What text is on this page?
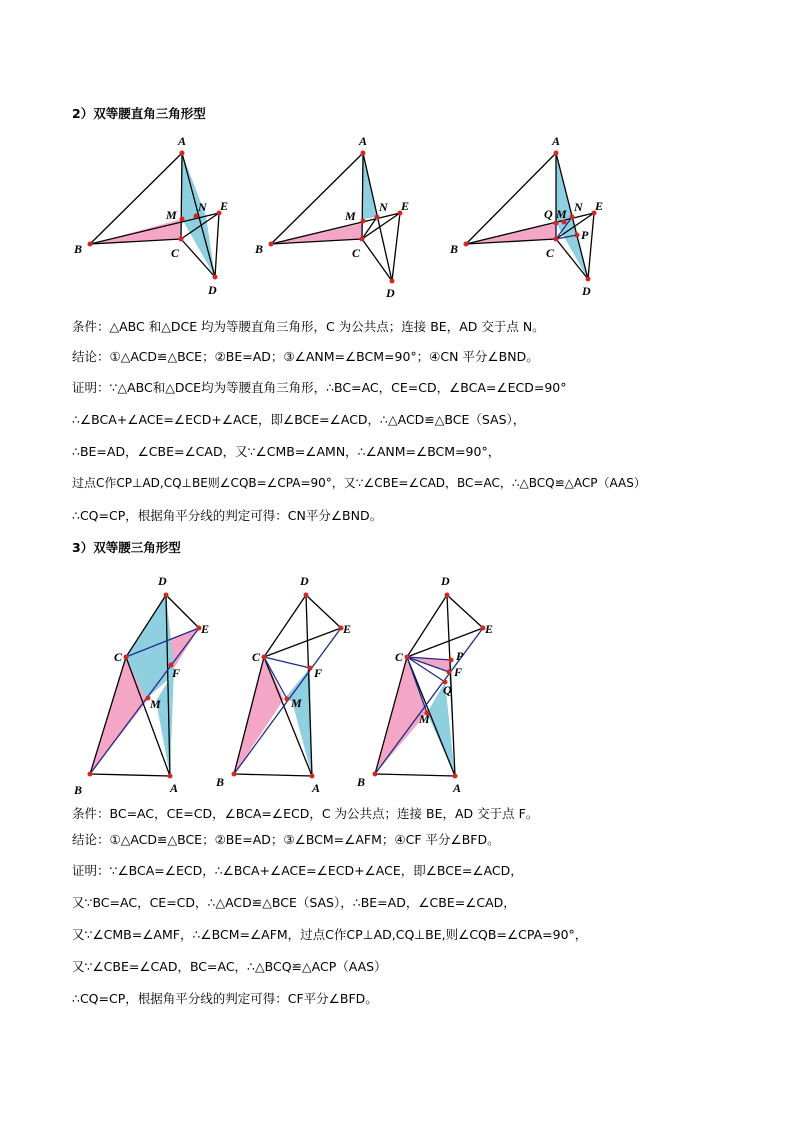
2）双等腰直角三角形型
A
B	C
D
E
M
N
A
B	C
D
E
M
N
A
B	C
D
E
Q M N
P
条件：△ABC 和△DCE 均为等腰直角三角形，C 为公共点；连接 BE，AD 交于点 N。
结论：①△ACD≌△BCE；②BE=AD；③∠ANM=∠BCM=90°；④CN 平分∠BND。
证明：∵△ABC和△DCE均为等腰直角三角形，∴BC=AC，CE=CD，∠BCA=∠ECD=90°
∴∠BCA+∠ACE=∠ECD+∠ACE，即∠BCE=∠ACD，∴△ACD≌△BCE（SAS），
∴BE=AD，∠CBE=∠CAD，又∵∠CMB=∠AMN，∴∠ANM=∠BCM=90°，
过点C作CP⊥AD,CQ⊥BE则∠CQB=∠CPA=90°，又∵∠CBE=∠CAD，BC=AC，∴△BCQ≌△ACP（AAS）
∴CQ=CP，根据角平分线的判定可得：CN平分∠BND。
3）双等腰三角形型
D
E
C
F
M
B	A
D
E
C
F
M
B	A
D
E
C	P
F
Q
M
B	A
条件：BC=AC，CE=CD，∠BCA=∠ECD，C 为公共点；连接 BE，AD 交于点 F。
结论：①△ACD≌△BCE；②BE=AD；③∠BCM=∠AFM；④CF 平分∠BFD。
证明：∵∠BCA=∠ECD，∴∠BCA+∠ACE=∠ECD+∠ACE，即∠BCE=∠ACD，
又∵BC=AC，CE=CD，∴△ACD≌△BCE（SAS），∴BE=AD，∠CBE=∠CAD，
又∵∠CMB=∠AMF，∴∠BCM=∠AFM，过点C作CP⊥AD,CQ⊥BE,则∠CQB=∠CPA=90°，
又∵∠CBE=∠CAD，BC=AC，∴△BCQ≌△ACP（AAS）
∴CQ=CP，根据角平分线的判定可得：CF平分∠BFD。
